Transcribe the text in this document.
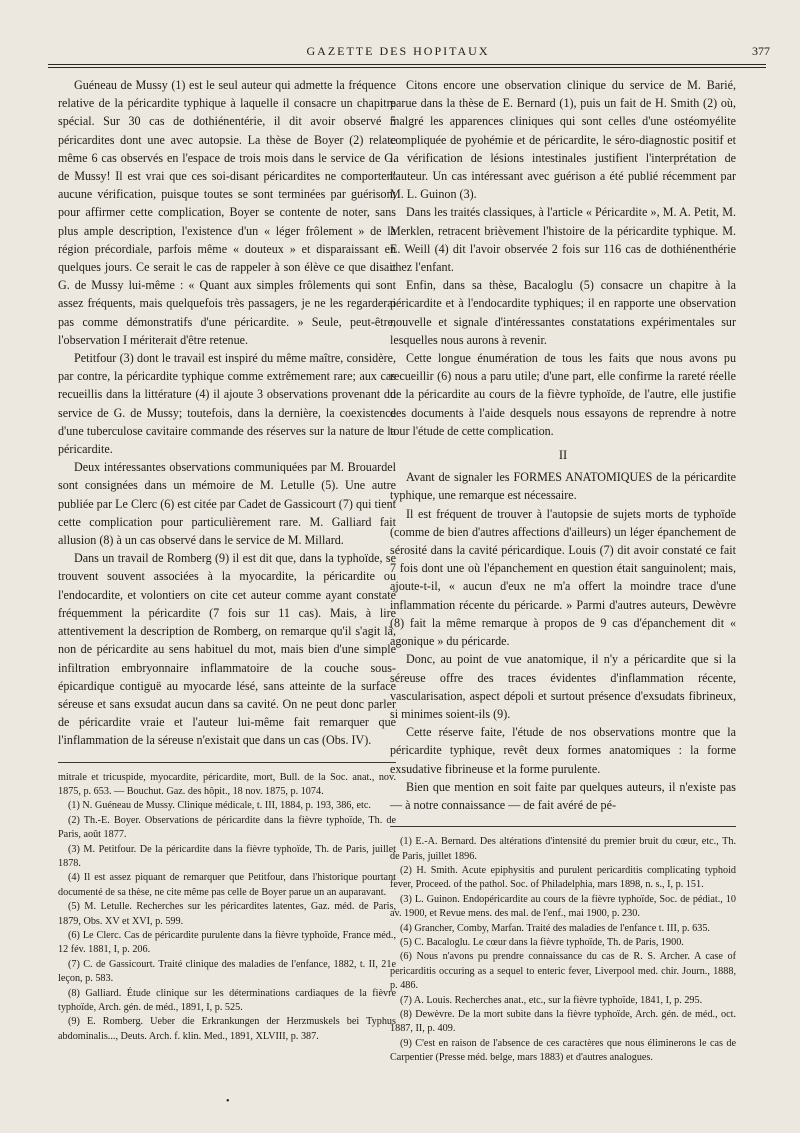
GAZETTE DES HOPITAUX	377

Guéneau de Mussy (1) est le seul auteur qui admette la fréquence relative de la péricardite typhique à laquelle il consacre un chapitre spécial. Sur 30 cas de dothiénentérie, il dit avoir observé 5 péricardites dont une avec autopsie. La thèse de Boyer (2) relate même 6 cas observés en l'espace de trois mois dans le service de G. de Mussy! Il est vrai que ces soi-disant péricardites ne comportent aucune vérification, puisque toutes se sont terminées par guérison; pour affirmer cette complication, Boyer se contente de noter, sans plus ample description, l'existence d'un « léger frôlement » de la région précordiale, parfois même « douteux » et disparaissant en quelques jours. Ce serait le cas de rappeler à son élève ce que disait G. de Mussy lui-même : « Quant aux simples frôlements qui sont assez fréquents, mais quelquefois très passagers, je ne les regarderai pas comme démonstratifs d'une péricardite. » Seule, peut-être, l'observation I mériterait d'être retenue.

Petitfour (3) dont le travail est inspiré du même maître, considère, par contre, la péricardite typhique comme extrêmement rare; aux cas recueillis dans la littérature (4) il ajoute 3 observations provenant du service de G. de Mussy; toutefois, dans la dernière, la coexistence d'une tuberculose cavitaire commande des réserves sur la nature de la péricardite.

Deux intéressantes observations communiquées par M. Brouardel sont consignées dans un mémoire de M. Letulle (5). Une autre publiée par Le Clerc (6) est citée par Cadet de Gassicourt (7) qui tient cette complication pour particulièrement rare. M. Galliard fait allusion (8) à un cas observé dans le service de M. Millard.

Dans un travail de Romberg (9) il est dit que, dans la typhoïde, se trouvent souvent associées à la myocardite, la péricardite ou l'endocardite, et volontiers on cite cet auteur comme ayant constaté fréquemment la péricardite (7 fois sur 11 cas). Mais, à lire attentivement la description de Romberg, on remarque qu'il s'agit là, non de péricardite au sens habituel du mot, mais bien d'une simple infiltration embryonnaire inflammatoire de la couche sous-épicardique contiguë au myocarde lésé, sans atteinte de la surface séreuse et sans exsudat aucun dans sa cavité. On ne peut donc parler de péricardite vraie et l'auteur lui-même fait remarquer que l'inflammation de la séreuse n'existait que dans un cas (Obs. IV).

mitrale et tricuspide, myocardite, péricardite, mort, Bull. de la Soc. anat., nov. 1875, p. 653. — Bouchut. Gaz. des hôpit., 18 nov. 1875, p. 1074.
(1) N. Guéneau de Mussy. Clinique médicale, t. III, 1884, p. 193, 386, etc.
(2) Th.-E. Boyer. Observations de péricardite dans la fièvre typhoïde, Th. de Paris, août 1877.
(3) M. Petitfour. De la péricardite dans la fièvre typhoïde, Th. de Paris, juillet 1878.
(4) Il est assez piquant de remarquer que Petitfour, dans l'historique pourtant documenté de sa thèse, ne cite même pas celle de Boyer parue un an auparavant.
(5) M. Letulle. Recherches sur les péricardites latentes, Gaz. méd. de Paris, 1879, Obs. XV et XVI, p. 599.
(6) Le Clerc. Cas de péricardite purulente dans la fièvre typhoïde, France méd., 12 fév. 1881, I, p. 206.
(7) C. de Gassicourt. Traité clinique des maladies de l'enfance, 1882, t. II, 21e leçon, p. 583.
(8) Galliard. Étude clinique sur les déterminations cardiaques de la fièvre typhoïde, Arch. gén. de méd., 1891, I, p. 525.
(9) E. Romberg. Ueber die Erkrankungen der Herzmuskels bei Typhus abdominalis..., Deuts. Arch. f. klin. Med., 1891, XLVIII, p. 387.

Citons encore une observation clinique du service de M. Barié, parue dans la thèse de E. Bernard (1), puis un fait de H. Smith (2) où, malgré les apparences cliniques qui sont celles d'une ostéomyélite compliquée de pyohémie et de péricardite, le séro-diagnostic positif et la vérification de lésions intestinales justifient l'interprétation de l'auteur. Un cas intéressant avec guérison a été publié récemment par M. L. Guinon (3).

Dans les traités classiques, à l'article « Péricardite », M. A. Petit, M. Merklen, retracent brièvement l'histoire de la péricardite typhique. M. E. Weill (4) dit l'avoir observée 2 fois sur 116 cas de dothiénenthérie chez l'enfant.

Enfin, dans sa thèse, Bacaloglu (5) consacre un chapitre à la péricardite et à l'endocardite typhiques; il en rapporte une observation nouvelle et signale d'intéressantes constatations expérimentales sur lesquelles nous aurons à revenir.

Cette longue énumération de tous les faits que nous avons pu recueillir (6) nous a paru utile; d'une part, elle confirme la rareté réelle de la péricardite au cours de la fièvre typhoïde, de l'autre, elle justifie des documents à l'aide desquels nous essayons de reprendre à notre tour l'étude de cette complication.

II

Avant de signaler les FORMES ANATOMIQUES de la péricardite typhique, une remarque est nécessaire.

Il est fréquent de trouver à l'autopsie de sujets morts de typhoïde (comme de bien d'autres affections d'ailleurs) un léger épanchement de sérosité dans la cavité péricardique. Louis (7) dit avoir constaté ce fait 7 fois dont une où l'épanchement en question était sanguinolent; mais, ajoute-t-il, « aucun d'eux ne m'a offert la moindre trace d'une inflammation récente du péricarde. » Parmi d'autres auteurs, Dewèvre (8) fait la même remarque à propos de 9 cas d'épanchement dit « agonique » du péricarde.

Donc, au point de vue anatomique, il n'y a péricardite que si la séreuse offre des traces évidentes d'inflammation récente, vascularisation, aspect dépoli et surtout présence d'exsudats fibrineux, si minimes soient-ils (9).

Cette réserve faite, l'étude de nos observations montre que la péricardite typhique, revêt deux formes anatomiques : la forme exsudative fibrineuse et la forme purulente.

Bien que mention en soit faite par quelques auteurs, il n'existe pas — à notre connaissance — de fait avéré de pé-

(1) E.-A. Bernard. Des altérations d'intensité du premier bruit du cœur, etc., Th. de Paris, juillet 1896.
(2) H. Smith. Acute epiphysitis and purulent pericarditis complicating typhoid fever, Proceed. of the pathol. Soc. of Philadelphia, mars 1898, n. s., I, p. 151.
(3) L. Guinon. Endopéricardite au cours de la fièvre typhoïde, Soc. de pédiat., 10 av. 1900, et Revue mens. des mal. de l'enf., mai 1900, p. 230.
(4) Grancher, Comby, Marfan. Traité des maladies de l'enfance t. III, p. 635.
(5) C. Bacaloglu. Le cœur dans la fièvre typhoïde, Th. de Paris, 1900.
(6) Nous n'avons pu prendre connaissance du cas de R. S. Archer. A case of pericarditis occuring as a sequel to enteric fever, Liverpool med. chir. Journ., 1888, p. 486.
(7) A. Louis. Recherches anat., etc., sur la fièvre typhoïde, 1841, I, p. 295.
(8) Dewèvre. De la mort subite dans la fièvre typhoïde, Arch. gén. de méd., oct. 1887, II, p. 409.
(9) C'est en raison de l'absence de ces caractères que nous éliminerons le cas de Carpentier (Presse méd. belge, mars 1883) et d'autres analogues.
•
